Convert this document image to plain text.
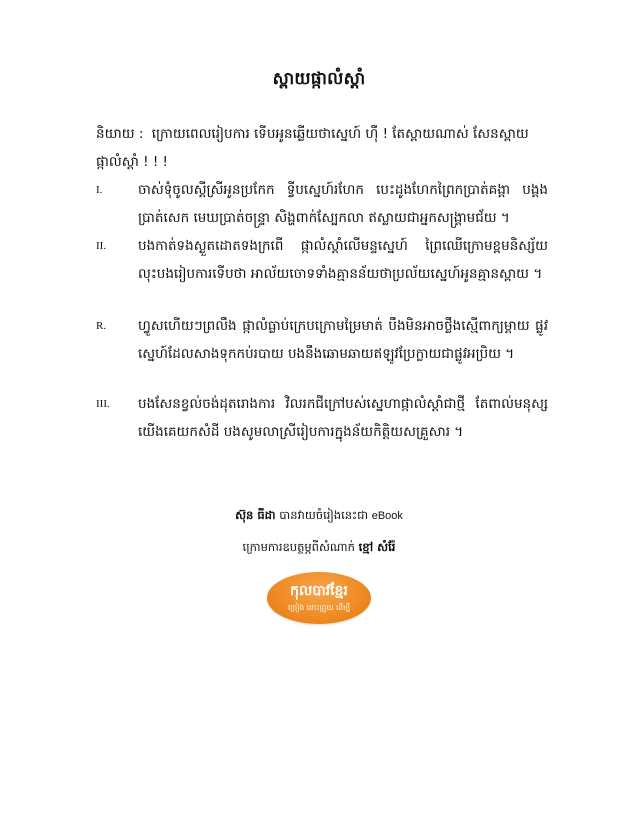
ស្ពាយផ្កាលំស្ដាំ
និយាយ : ក្រោយពេលរៀបការ ទើបអូនឆ្លើយថាស្នេហ៍ ហ៊ឺ ! តែស្ពាយណាស់ សែនស្ពាយ ផ្កាលំស្ដាំ ! ! !
I.	ចាស់ទុំចូលស្ដីស្រីអូនប្រកែក ទ្វីបស្នេហ៍រហែក បេះដូងហែកព្រៃកប្រាត់គង្គា បង្គងប្រាត់សេក មេឃប្រាត់ចន្ទ្រា សិង្ហពាក់ស្បែកលា ឥស្លាយជាអ្នកសង្គ្រាមជ័យ ។
II.	បងកាត់ទងស្ងួតដោតទងក្រពើ ផ្កាលំស្ដាំលើមន្ទស្នេហ៍ ព្រៃឈើក្រោមខ្ពមនិស្ស័យលុះបងរៀបការទើបថា អាល័យចោទទាំងគ្មានន័យថាប្រល័យស្នេហ៍អូនគ្មានស្ពាយ ។
R.	ហ្វូសហើយៗព្រលឹង ផ្កាលំធ្លាប់ក្រេបក្រោមម្រៃមាត់ បឹងមិនអាចថ្លឹងស្មើពាក្យម្ដាយ ផ្លូវស្នេហ៍ដែលសាងទុកកប់របាយ បងនឹងឆោមឆាយឥឡូវប្រែក្លាយជាផ្លូវអប្រិយ ។
III.	បងសែនខ្វល់ចង់ដុតរោងការ វិលរកជីក្រៅបស់ស្នេហាផ្កាលំស្ដាំជាថ្មី តែពាល់មនុស្សយើងគេយកសំដី បងសូមលាស្រីរៀបការក្នុងន័យកិត្តិយសគ្រួសារ ។
ស៊ុន ធីដា បានវាយចំរៀងនេះជា eBook
ក្រោមការឧបត្ថម្ភពីសំណាក់ ខ្មៅ សំរ៉ែ
កុលបាវខ្មែរ
ច្រៀង ដោះព្រួយ ដើម្បី
